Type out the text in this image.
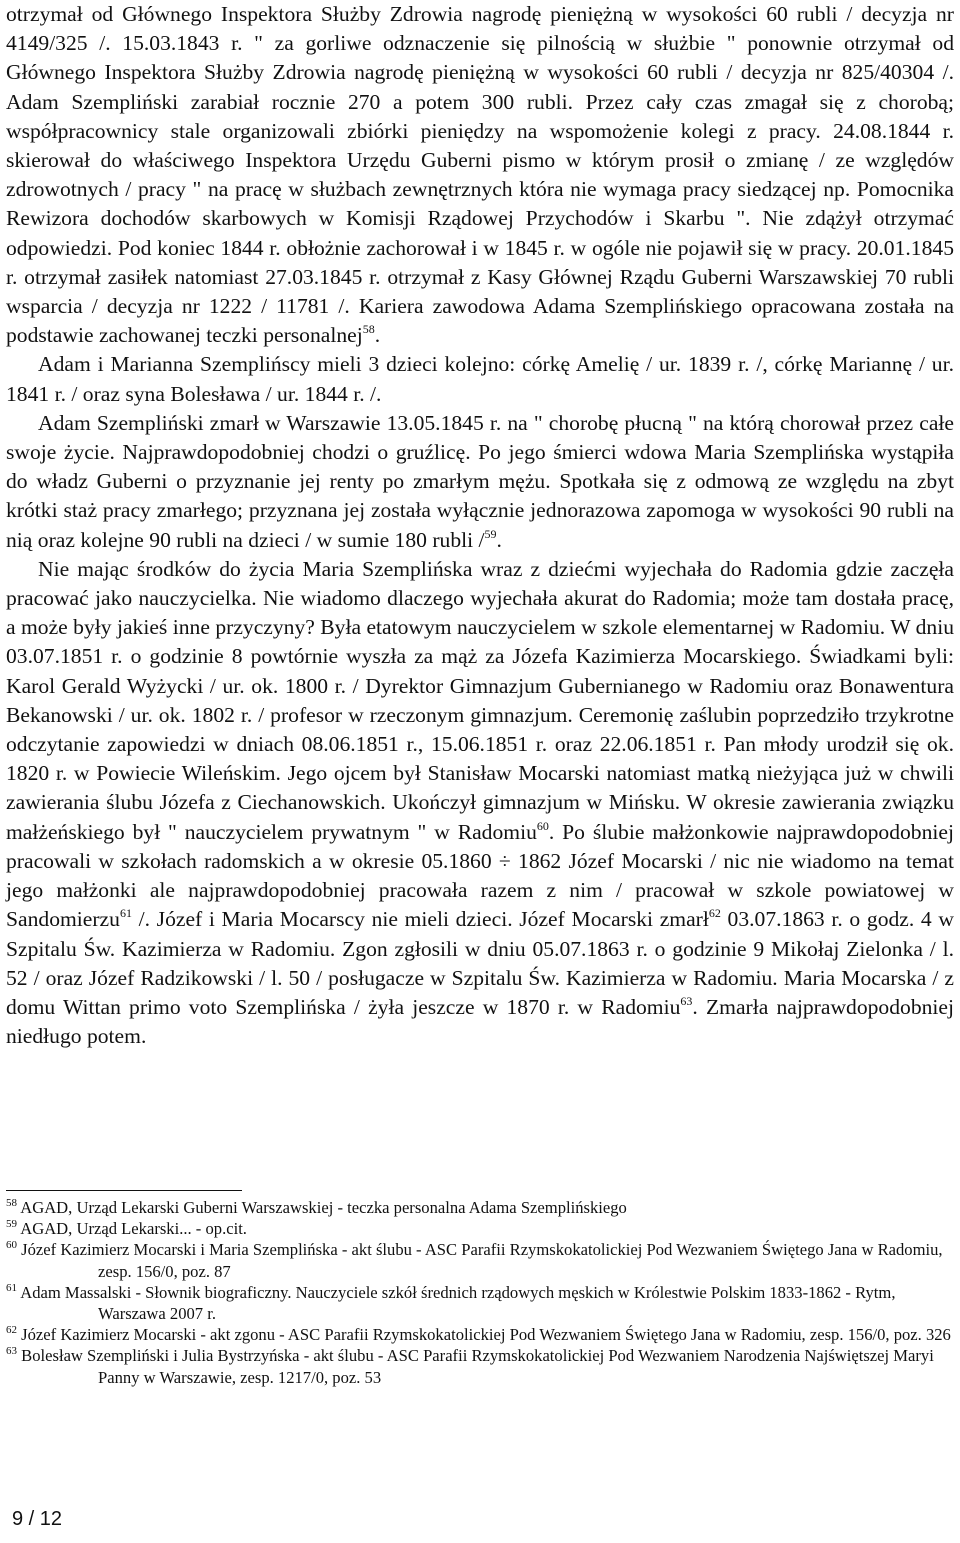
otrzymał od Głównego Inspektora Służby Zdrowia nagrodę pieniężną w wysokości 60 rubli / decyzja nr 4149/325 /. 15.03.1843 r. " za gorliwe odznaczenie się pilnością w służbie " ponownie otrzymał od Głównego Inspektora Służby Zdrowia nagrodę pieniężną w wysokości 60 rubli / decyzja nr 825/40304 /. Adam Szempliński zarabiał rocznie 270 a potem 300 rubli. Przez cały czas zmagał się z chorobą; współpracownicy stale organizowali zbiórki pieniędzy na wspomożenie kolegi z pracy. 24.08.1844 r. skierował do właściwego Inspektora Urzędu Guberni pismo w którym prosił o zmianę / ze względów zdrowotnych / pracy " na pracę w służbach zewnętrznych która nie wymaga pracy siedzącej np. Pomocnika Rewizora dochodów skarbowych w Komisji Rządowej Przychodów i Skarbu ". Nie zdążył otrzymać odpowiedzi. Pod koniec 1844 r. obłożnie zachorował i w 1845 r. w ogóle nie pojawił się w pracy. 20.01.1845 r. otrzymał zasiłek natomiast 27.03.1845 r. otrzymał z Kasy Głównej Rządu Guberni Warszawskiej 70 rubli wsparcia / decyzja nr 1222 / 11781 /. Kariera zawodowa Adama Szemplińskiego opracowana została na podstawie zachowanej teczki personalnej$^{58}$.

Adam i Marianna Szemplińscy mieli 3 dzieci kolejno: córkę Amelię / ur. 1839 r. /, córkę Mariannę / ur. 1841 r. / oraz syna Bolesława / ur. 1844 r. /.

Adam Szempliński zmarł w Warszawie 13.05.1845 r. na " chorobę płucną " na którą chorował przez całe swoje życie. Najprawdopodobniej chodzi o gruźlicę. Po jego śmierci wdowa Maria Szemplińska wystąpiła do władz Guberni o przyznanie jej renty po zmarłym mężu. Spotkała się z odmową ze względu na zbyt krótki staż pracy zmarłego; przyznana jej została wyłącznie jednorazowa zapomoga w wysokości 90 rubli na nią oraz kolejne 90 rubli na dzieci / w sumie 180 rubli /$^{59}$.

Nie mając środków do życia Maria Szemplińska wraz z dziećmi wyjechała do Radomia gdzie zaczęła pracować jako nauczycielka. Nie wiadomo dlaczego wyjechała akurat do Radomia; może tam dostała pracę, a może były jakieś inne przyczyny? Była etatowym nauczycielem w szkole elementarnej w Radomiu. W dniu 03.07.1851 r. o godzinie 8 powtórnie wyszła za mąż za Józefa Kazimierza Mocarskiego. Świadkami byli: Karol Gerald Wyżycki / ur. ok. 1800 r. / Dyrektor Gimnazjum Gubernianego w Radomiu oraz Bonawentura Bekanowski / ur. ok. 1802 r. / profesor w rzeczonym gimnazjum. Ceremonię zaślubin poprzedziło trzykrotne odczytanie zapowiedzi w dniach 08.06.1851 r., 15.06.1851 r. oraz 22.06.1851 r. Pan młody urodził się ok. 1820 r. w Powiecie Wileńskim. Jego ojcem był Stanisław Mocarski natomiast matką nieżyjąca już w chwili zawierania ślubu Józefa z Ciechanowskich. Ukończył gimnazjum w Mińsku. W okresie zawierania związku małżeńskiego był " nauczycielem prywatnym " w Radomiu$^{60}$. Po ślubie małżonkowie najprawdopodobniej pracowali w szkołach radomskich a w okresie 05.1860 ÷ 1862 Józef Mocarski / nic nie wiadomo na temat jego małżonki ale najprawdopodobniej pracowała razem z nim / pracował w szkole powiatowej w Sandomierzu$^{61}$ /. Józef i Maria Mocarscy nie mieli dzieci. Józef Mocarski zmarł$^{62}$ 03.07.1863 r. o godz. 4 w Szpitalu Św. Kazimierza w Radomiu. Zgon zgłosili w dniu 05.07.1863 r. o godzinie 9 Mikołaj Zielonka / l. 52 / oraz Józef Radzikowski / l. 50 / posługacze w Szpitalu Św. Kazimierza w Radomiu. Maria Mocarska / z domu Wittan primo voto Szemplińska / żyła jeszcze w 1870 r. w Radomiu$^{63}$. Zmarła najprawdopodobniej niedługo potem.

$^{58}$ AGAD, Urząd Lekarski Guberni Warszawskiej - teczka personalna Adama Szemplińskiego

$^{59}$ AGAD, Urząd Lekarski... - op.cit.

$^{60}$ Józef Kazimierz Mocarski i Maria Szemplińska - akt ślubu - ASC Parafii Rzymskokatolickiej Pod Wezwaniem Świętego Jana w Radomiu, zesp. 156/0, poz. 87

$^{61}$ Adam Massalski - Słownik biograficzny. Nauczyciele szkół średnich rządowych męskich w Królestwie Polskim 1833-1862 - Rytm, Warszawa 2007 r.

$^{62}$ Józef Kazimierz Mocarski - akt zgonu - ASC Parafii Rzymskokatolickiej Pod Wezwaniem Świętego Jana w Radomiu, zesp. 156/0, poz. 326

$^{63}$ Bolesław Szempliński i Julia Bystrzyńska - akt ślubu - ASC Parafii Rzymskokatolickiej Pod Wezwaniem Narodzenia Najświętszej Maryi Panny w Warszawie, zesp. 1217/0, poz. 53

9 / 12
